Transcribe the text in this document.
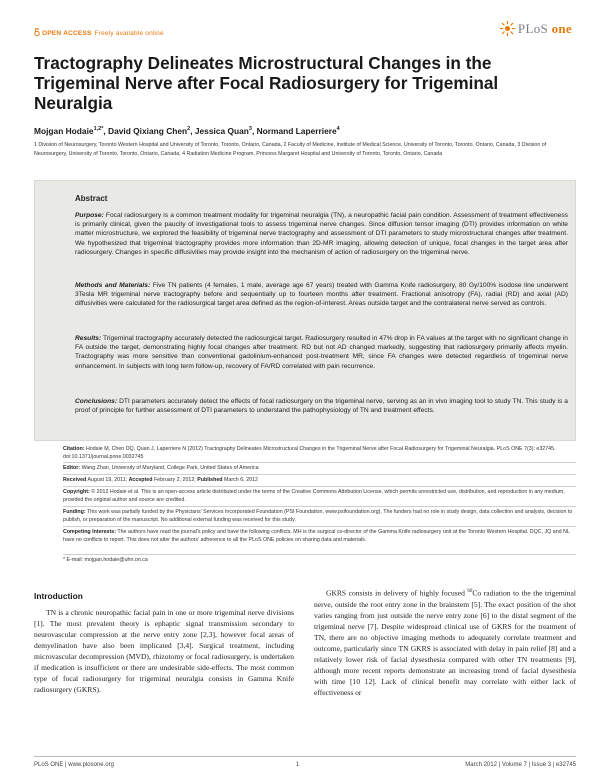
OPEN ACCESS Freely available online	PLoS one
Tractography Delineates Microstructural Changes in the Trigeminal Nerve after Focal Radiosurgery for Trigeminal Neuralgia
Mojgan Hodaie$^{1,2*}$, David Qixiang Chen$^2$, Jessica Quan$^3$, Normand Laperriere$^4$
1 Division of Neurosurgery, Toronto Western Hospital and University of Toronto, Toronto, Ontario, Canada, 2 Faculty of Medicine, Institute of Medical Science, University of Toronto, Toronto, Ontario, Canada, 3 Division of Neurosurgery, University of Toronto, Toronto, Ontario, Canada, 4 Radiation Medicine Program, Princess Margaret Hospital and University of Toronto, Toronto, Ontario, Canada
Abstract
Purpose: Focal radiosurgery is a common treatment modality for trigeminal neuralgia (TN), a neuropathic facial pain condition. Assessment of treatment effectiveness is primarily clinical, given the paucity of investigational tools to assess trigeminal nerve changes. Since diffusion tensor imaging (DTI) provides information on white matter microstructure, we explored the feasibility of trigeminal nerve tractography and assessment of DTI parameters to study microstructural changes after treatment. We hypothesized that trigeminal tractography provides more information than 2D-MR imaging, allowing detection of unique, focal changes in the target area after radiosurgery. Changes in specific diffusivities may provide insight into the mechanism of action of radiosurgery on the trigeminal nerve.
Methods and Materials: Five TN patients (4 females, 1 male, average age 67 years) treated with Gamma Knife radiosurgery, 80 Gy/100% isodose line underwent 3Tesla MR trigeminal nerve tractography before and sequentially up to fourteen months after treatment. Fractional anisotropy (FA), radial (RD) and axial (AD) diffusivities were calculated for the radiosurgical target area defined as the region-of-interest. Areas outside target and the contralateral nerve served as controls.
Results: Trigeminal tractography accurately detected the radiosurgical target. Radiosurgery resulted in 47% drop in FA values at the target with no significant change in FA outside the target, demonstrating highly focal changes after treatment. RD but not AD changed markedly, suggesting that radiosurgery primarily affects myelin. Tractography was more sensitive than conventional gadolinium-enhanced post-treatment MR, since FA changes were detected regardless of trigeminal nerve enhancement. In subjects with long term follow-up, recovery of FA/RD correlated with pain recurrence.
Conclusions: DTI parameters accurately detect the effects of focal radiosurgery on the trigeminal nerve, serving as an in vivo imaging tool to study TN. This study is a proof of principle for further assessment of DTI parameters to understand the pathophysiology of TN and treatment effects.
Citation: Hodaie M, Chen DQ, Quan J, Laperriere N (2012) Tractography Delineates Microstructural Changes in the Trigeminal Nerve after Focal Radiosurgery for Trigeminal Neuralgia. PLoS ONE 7(3): e32745. doi:10.1371/journal.pone.0032745
Editor: Wang Zhan, University of Maryland, College Park, United States of America
Received August 19, 2011; Accepted February 2, 2012; Published March 6, 2012
Copyright: © 2012 Hodaie et al. This is an open-access article distributed under the terms of the Creative Commons Attribution License, which permits unrestricted use, distribution, and reproduction in any medium, provided the original author and source are credited.
Funding: This work was partially funded by the Physicians' Services Incorporated Foundation (PSI Foundation, www.psifoundation.org). The funders had no role in study design, data collection and analysis, decision to publish, or preparation of the manuscript. No additional external funding was received for this study.
Competing Interests: The authors have read the journal's policy and have the following conflicts. MH is the surgical co-director of the Gamma Knife radiosurgery unit at the Toronto Western Hospital. DQC, JQ and NL have no conflicts to report. This does not alter the authors' adherence to all the PLoS ONE policies on sharing data and materials.
* E-mail: mojgan.hodaie@uhn.on.ca
Introduction

TN is a chronic neuropathic facial pain in one or more trigeminal nerve divisions [1]. The most prevalent theory is ephaptic signal transmission secondary to neurovascular compression at the nerve entry zone [2,3], however focal areas of demyelination have also been implicated [3,4]. Surgical treatment, including microvascular decompression (MVD), rhizotomy or focal radiosurgery, is undertaken if medication is insufficient or there are undesirable side-effects. The most common type of focal radiosurgery for trigeminal neuralgia consists in Gamma Knife radiosurgery (GKRS).

GKRS consists in delivery of highly focused $^{60}$Co radiation to the the trigeminal nerve, outside the root entry zone in the brainstem [5]. The exact position of the shot varies ranging from just outside the nerve entry zone [6] to the distal segment of the trigeminal nerve [7]. Despite widespread clinical use of GKRS for the treatment of TN, there are no objective imaging methods to adequately correlate treatment and outcome, particularly since TN GKRS is associated with delay in pain relief [8] and a relatively lower risk of facial dysesthesia compared with other TN treatments [9], although more recent reports demonstrate an increasing trend of facial dysesthesia with time [10 12]. Lack of clinical benefit may correlate with either lack of effectiveness or

PLoS ONE | www.plosone.org	1	March 2012 | Volume 7 | Issue 3 | e32745
